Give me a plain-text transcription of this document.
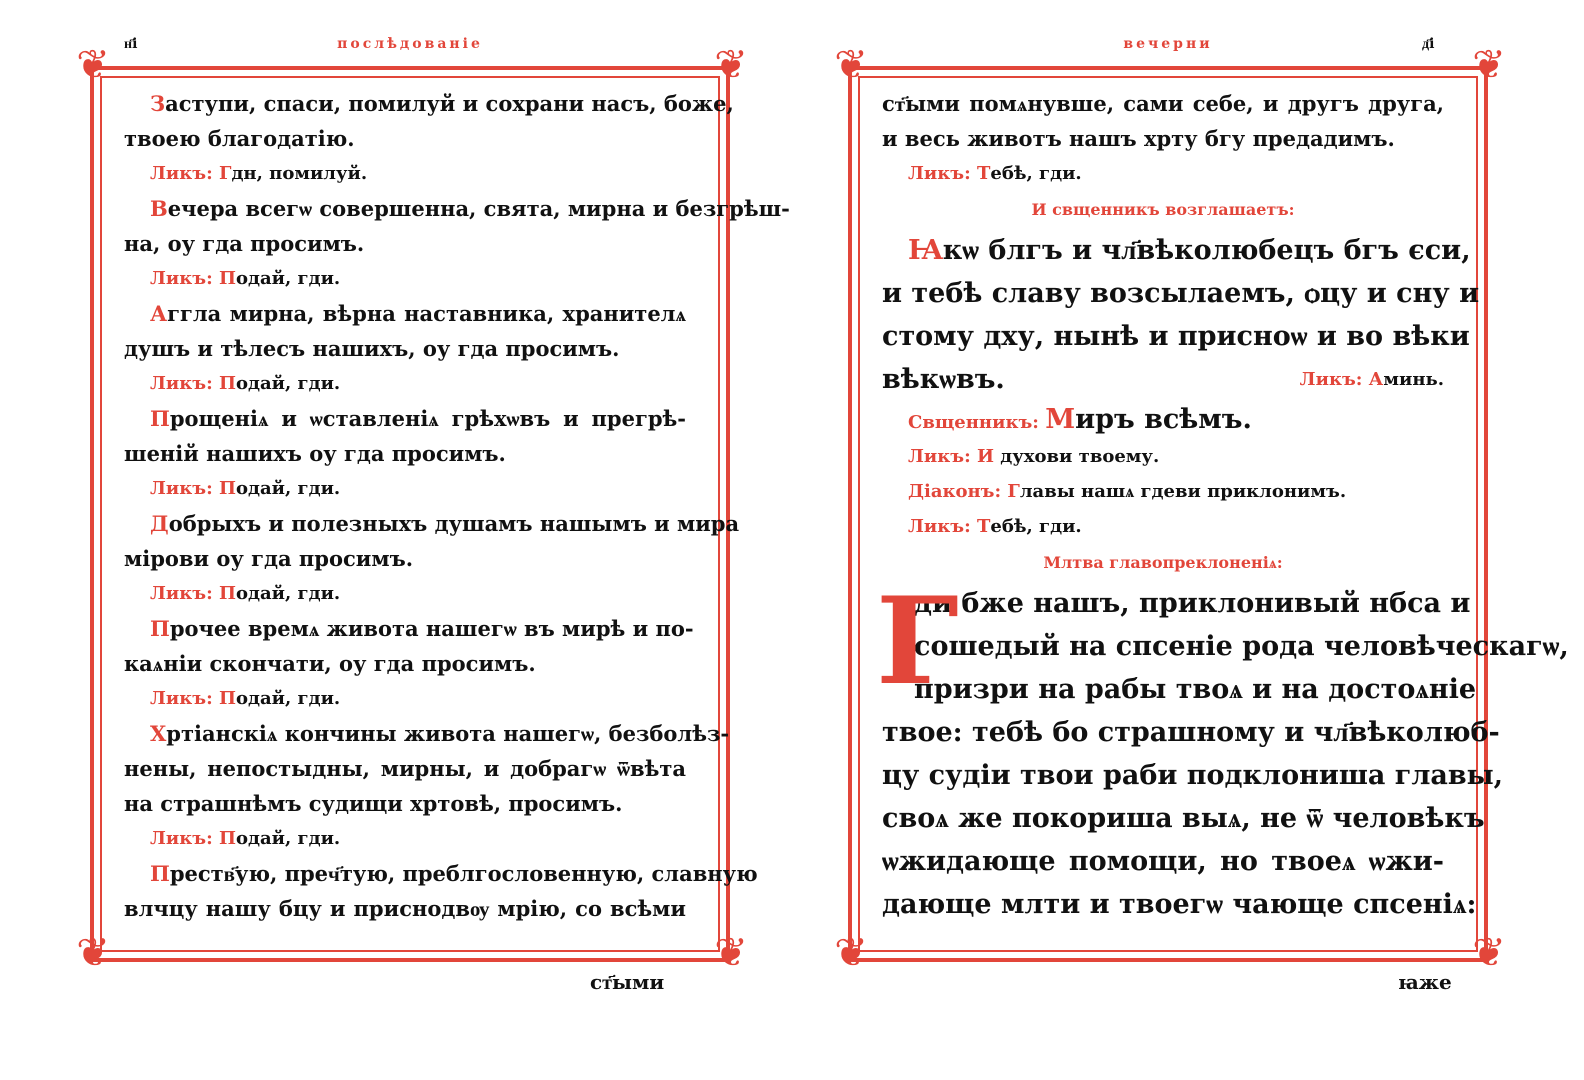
н҃і	послѣдованіе
❦	❦
❦	❦
Заступи, спаси, помилуй и сохрани насъ, боже,
твоею благодатію.
Ликъ: Гдн, помилуй.
Вечера всегѡ совершенна, свята, мирна и безгрѣш-
на, оу гда просимъ.
Ликъ: Подай, гди.
Аггла мирна, вѣрна наставника, хранителѧ
душъ и тѣлесъ нашихъ, оу гда просимъ.
Ликъ: Подай, гди.
Прощеніѧ и ѡставленіѧ грѣхѡвъ и прегрѣ-
шеній нашихъ оу гда просимъ.
Ликъ: Подай, гди.
Добрыхъ и полезныхъ душамъ нашымъ и мира
мірови оу гда просимъ.
Ликъ: Подай, гди.
Прочее времѧ живота нашегѡ въ мирѣ и по-
каѧніи скончати, оу гда просимъ.
Ликъ: Подай, гди.
Хртіанскіѧ кончины живота нашегѡ, безболѣз-
нены, непостыдны, мирны, и добрагѡ ѿвѣта
на страшнѣмъ судищи хртовѣ, просимъ.
Ликъ: Подай, гди.
Преств҃ую, преч҃тую, преблгословенную, славную
влчцу нашу бцу и приснодвѹ мрію, со всѣми
ст҃ыми
д҃і
вечерни
❦	❦
❦	❦
ст҃ыми помѧнувше, сами себе, и другъ друга,
и весь животъ нашъ хрту бгу предадимъ.
Ликъ: Тебѣ, гди.
И свщенникъ возглашаетъ:
Ꙗкѡ блгъ и чл҃вѣколюбецъ бгъ єси,
и тебѣ славу возсылаемъ, ѻцу и сну и
стому дху, нынѣ и присноѡ и во вѣки
вѣкѡвъ.	Ликъ: Аминь.
Свщенникъ: Миръ всѣмъ.
Ликъ: И духови твоему.
Діаконъ: Главы нашѧ гдеви приклонимъ.
Ликъ: Тебѣ, гди.
Млтва главопреклоненіѧ:
Г
ди бже нашъ, приклонивый нбса и
сошедый на спсеніе рода человѣческагѡ,
призри на рабы твоѧ и на достоѧніе
твое: тебѣ бо страшному и чл҃вѣколюб-
цу судіи твои раби подклониша главы,
своѧ же покориша выѧ, не ѿ человѣкъ
ѡжидающе помощи, но твоеѧ ѡжи-
дающе млти и твоегѡ чающе спсеніѧ:
ꙗже
